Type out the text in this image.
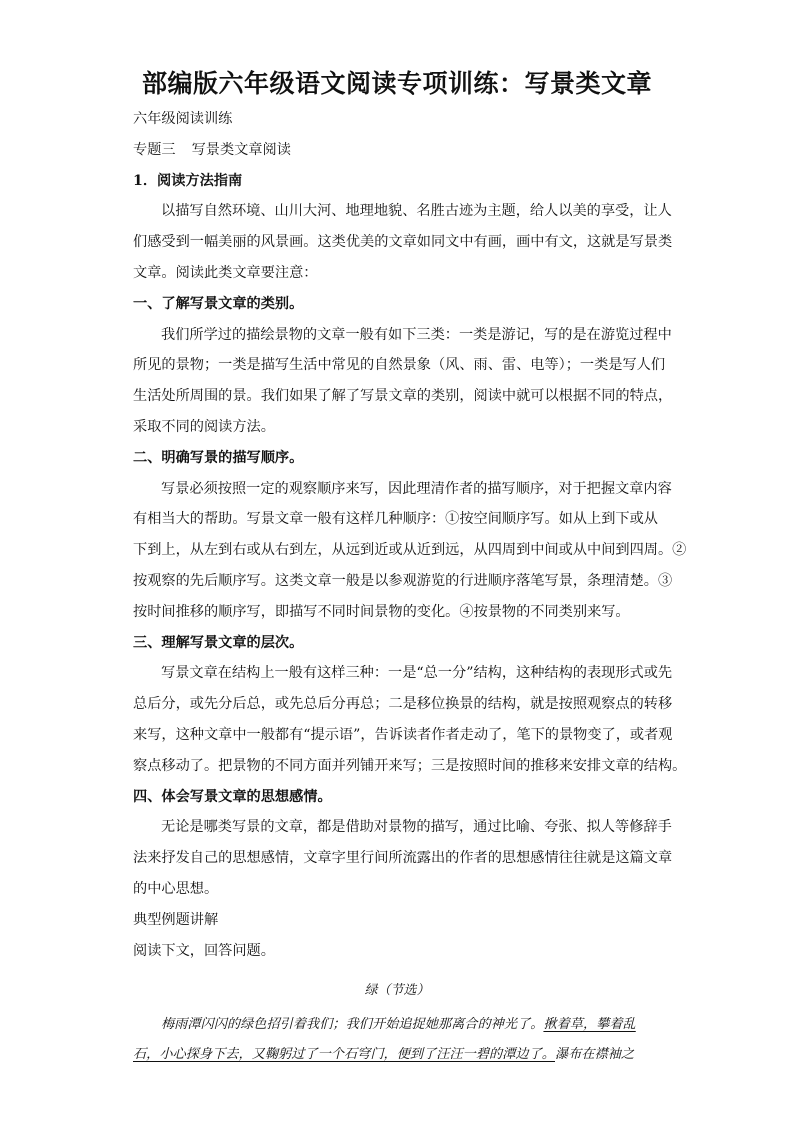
部编版六年级语文阅读专项训练：写景类文章
六年级阅读训练
专题三 写景类文章阅读
1．阅读方法指南
以描写自然环境、山川大河、地理地貌、名胜古迹为主题，给人以美的享受，让人
们感受到一幅美丽的风景画。这类优美的文章如同文中有画，画中有文，这就是写景类
文章。阅读此类文章要注意：
一、了解写景文章的类别。
我们所学过的描绘景物的文章一般有如下三类：一类是游记，写的是在游览过程中
所见的景物；一类是描写生活中常见的自然景象（风、雨、雷、电等）；一类是写人们
生活处所周围的景。我们如果了解了写景文章的类别，阅读中就可以根据不同的特点，
采取不同的阅读方法。
二、明确写景的描写顺序。
写景必须按照一定的观察顺序来写，因此理清作者的描写顺序，对于把握文章内容
有相当大的帮助。写景文章一般有这样几种顺序：①按空间顺序写。如从上到下或从
下到上，从左到右或从右到左，从远到近或从近到远，从四周到中间或从中间到四周。②
按观察的先后顺序写。这类文章一般是以参观游览的行进顺序落笔写景，条理清楚。③
按时间推移的顺序写，即描写不同时间景物的变化。④按景物的不同类别来写。
三、理解写景文章的层次。
写景文章在结构上一般有这样三种：一是“总一分”结构，这种结构的表现形式或先
总后分，或先分后总，或先总后分再总；二是移位换景的结构，就是按照观察点的转移
来写，这种文章中一般都有“提示语”，告诉读者作者走动了，笔下的景物变了，或者观
察点移动了。把景物的不同方面并列铺开来写；三是按照时间的推移来安排文章的结构。
四、体会写景文章的思想感情。
无论是哪类写景的文章，都是借助对景物的描写，通过比喻、夸张、拟人等修辞手
法来抒发自己的思想感情，文章字里行间所流露出的作者的思想感情往往就是这篇文章
的中心思想。
典型例题讲解
阅读下文，回答问题。
绿（节选）
梅雨潭闪闪的绿色招引着我们；我们开始追捉她那离合的神光了。揪着草，攀着乱
石，小心探身下去，又鞠躬过了一个石穹门，便到了汪汪一碧的潭边了。瀑布在襟袖之
